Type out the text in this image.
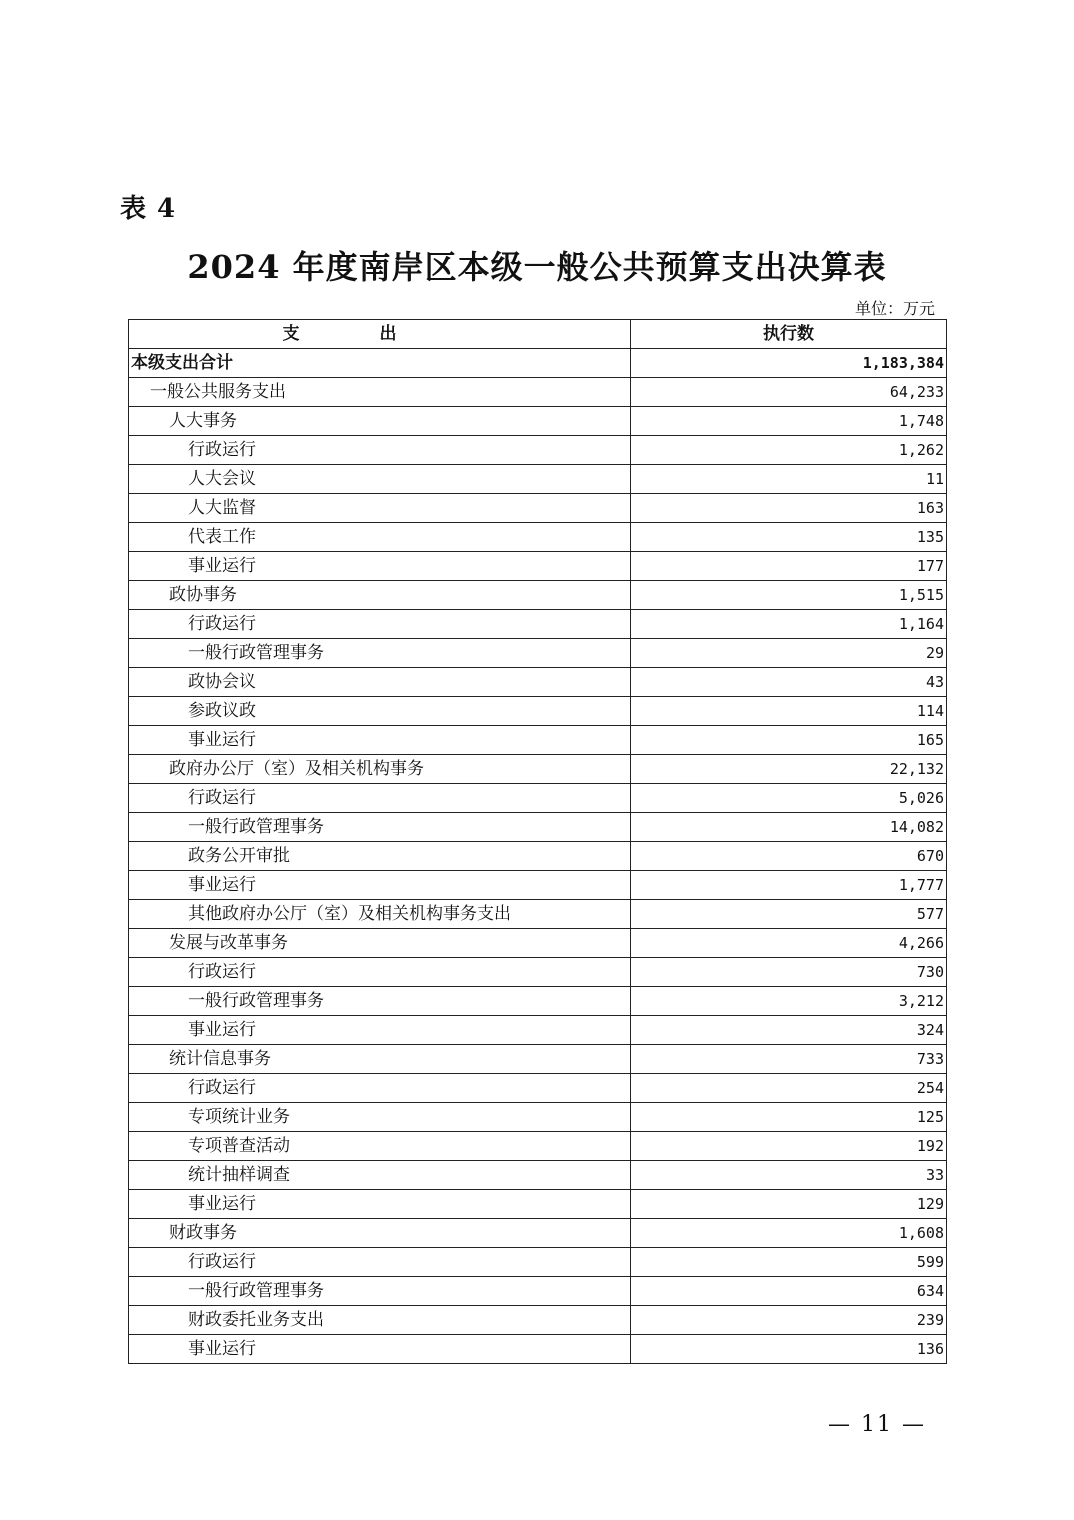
表 4
2024 年度南岸区本级一般公共预算支出决算表
单位：万元
支出	执行数
本级支出合计	1,183,384
一般公共服务支出	64,233
人大事务	1,748
行政运行	1,262
人大会议	11
人大监督	163
代表工作	135
事业运行	177
政协事务	1,515
行政运行	1,164
一般行政管理事务	29
政协会议	43
参政议政	114
事业运行	165
政府办公厅（室）及相关机构事务	22,132
行政运行	5,026
一般行政管理事务	14,082
政务公开审批	670
事业运行	1,777
其他政府办公厅（室）及相关机构事务支出	577
发展与改革事务	4,266
行政运行	730
一般行政管理事务	3,212
事业运行	324
统计信息事务	733
行政运行	254
专项统计业务	125
专项普查活动	192
统计抽样调查	33
事业运行	129
财政事务	1,608
行政运行	599
一般行政管理事务	634
财政委托业务支出	239
事业运行	136
— 11 —
